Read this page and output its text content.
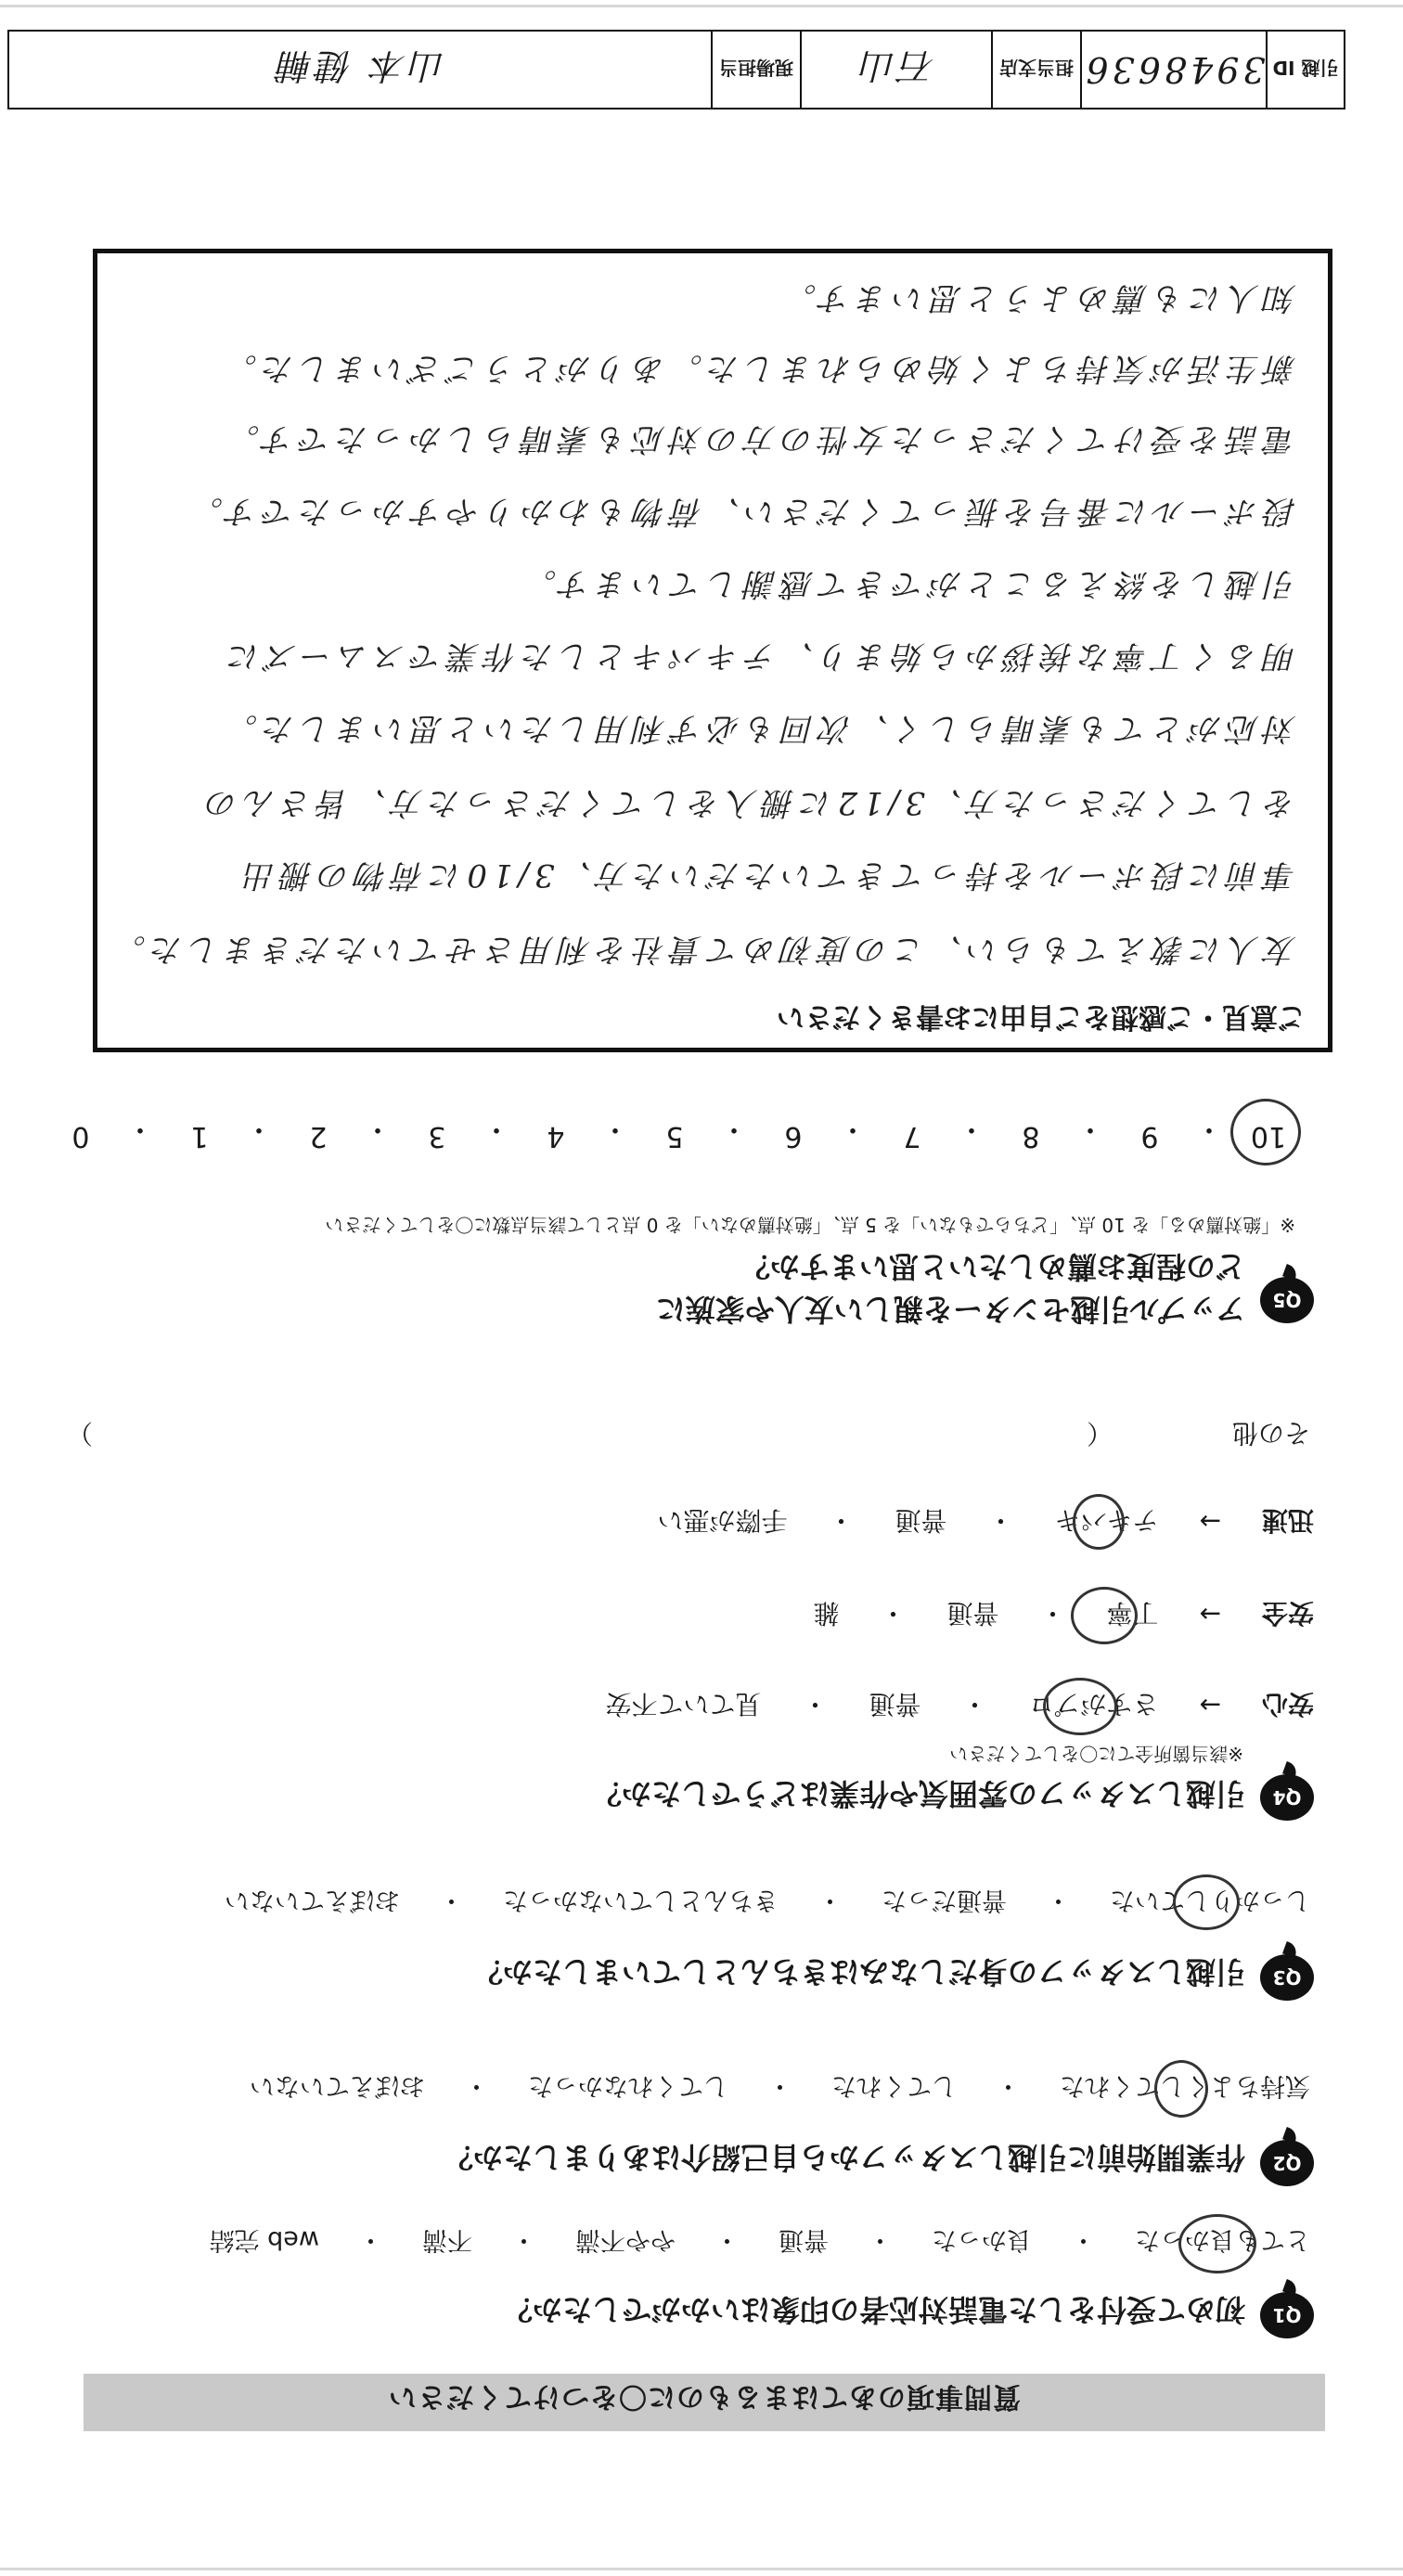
質問事項のあてはまるものに〇をつけてください
Q1
初めて受付をした電話対応者の印象はいかがでしたか？
とても良かった
・
良かった
・
普通
・
やや不満
・
不満
・
web 完結
Q2
作業開始前に引越しスタッフから自己紹介はありましたか？
気持ちよくしてくれた
・
してくれた
・
してくれなかった
・
おぼえていない
Q3
引越しスタッフの身だしなみはきちんとしていましたか？
しっかりしていた
・
普通だった
・
きちんとしていなかった
・
おぼえていない
Q4
引越しスタッフの雰囲気や作業はどうでしたか？
※該当箇所全てに〇をしてください
安心
→
さすがプロ
・
普通
・
見ていて不安
安全
→
丁寧
・
普通
・
雑
迅速
→
テキパキ
・
普通
・
手際が悪い
その他 （
）
Q5
アップル引越センターを親しい友人や家族に
どの程度お薦めしたいと思いますか？
※「絶対薦める」を 10 点、「どちらでもない」を 5 点、「絶対薦めない」を 0 点として該当点数に〇をしてください
10
・
9
・
8
・
7
・
6
・
5
・
4
・
3
・
2
・
1
・
0
ご意見・ご感想をご自由にお書きください
友人に教えてもらい、この度初めて貴社を利用させていただきました。
事前に段ボールを持ってきていただいた方、3/10に荷物の搬出
をしてくださった方、3/12に搬入をしてくださった方、皆さんの
対応がとても素晴らしく、次回も必ず利用したいと思いました。
明るく丁寧な挨拶から始まり、テキパキとした作業でスムーズに
引越しを終えることができて感謝しています。
段ボールに番号を振ってください、荷物もわかりやすかったです。
電話を受けてくださった女性の方の対応も素晴らしかったです。
新生活が気持ちよく始められました。ありがとうございました。
知人にも薦めようと思います。
引越 ID
3948636
担当支店
石山
現場担当
山本 健輔
